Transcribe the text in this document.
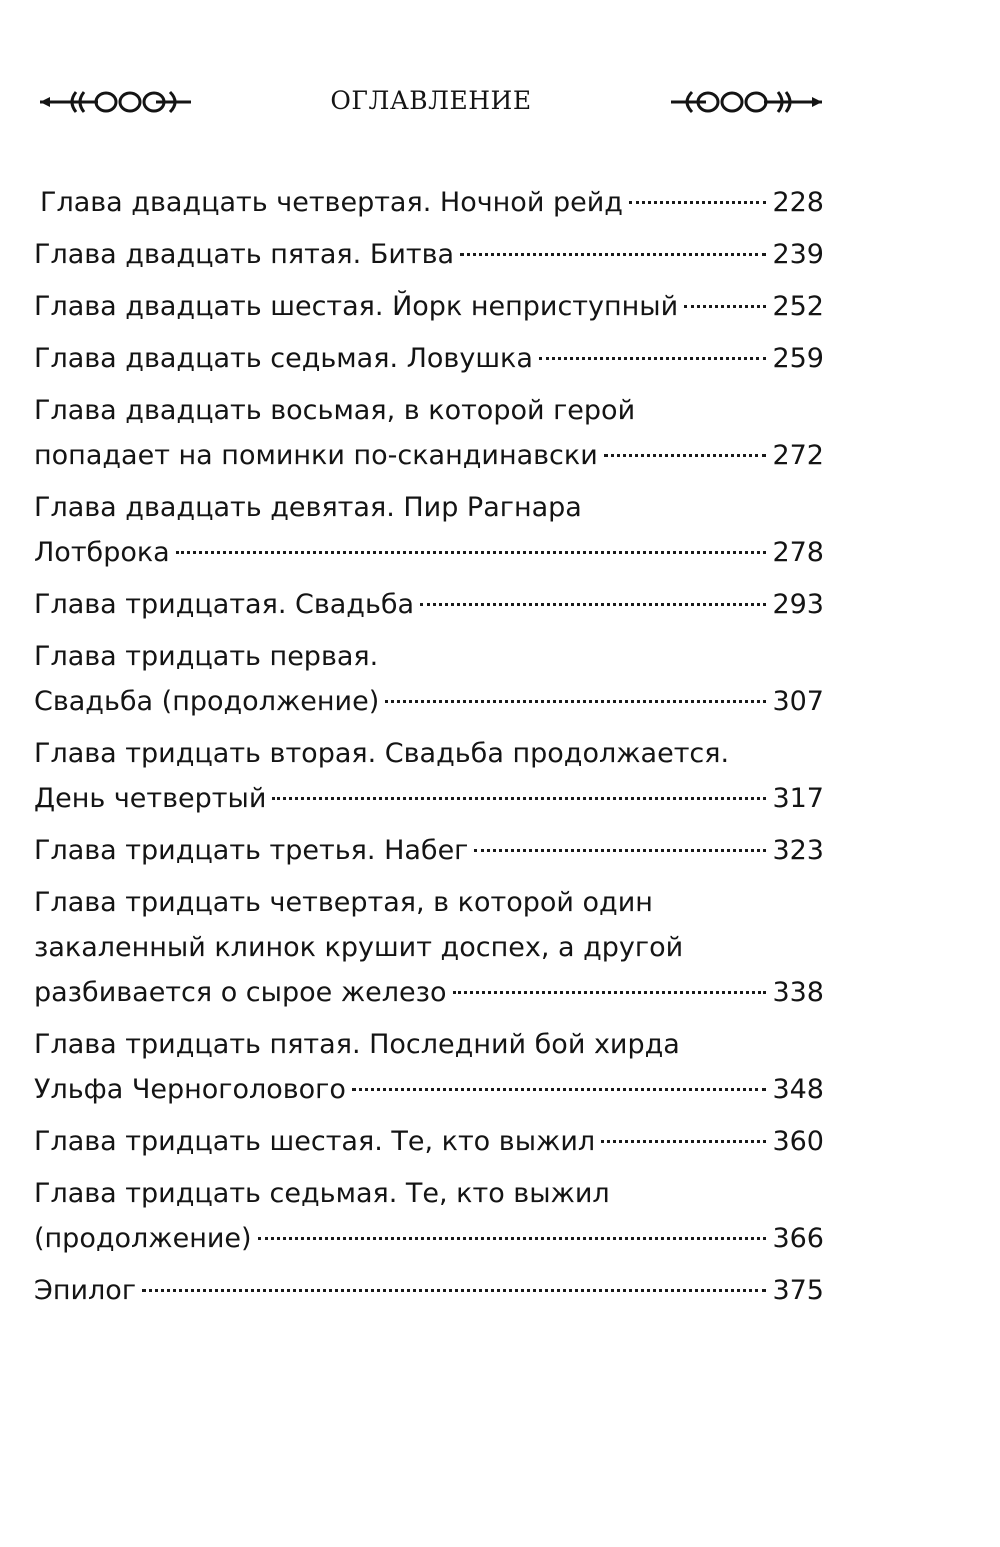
ОГЛАВЛЕНИЕ
Глава двадцать четвертая. Ночной рейд	228
Глава двадцать пятая. Битва	239
Глава двадцать шестая. Йорк неприступный	252
Глава двадцать седьмая. Ловушка	259
Глава двадцать восьмая, в которой герой
попадает на поминки по-скандинавски	272
Глава двадцать девятая. Пир Рагнара
Лотброка	278
Глава тридцатая. Свадьба	293
Глава тридцать первая.
Свадьба (продолжение)	307
Глава тридцать вторая. Свадьба продолжается.
День четвертый	317
Глава тридцать третья. Набег	323
Глава тридцать четвертая, в которой один
закаленный клинок крушит доспех, а другой
разбивается о сырое железо	338
Глава тридцать пятая. Последний бой хирда
Ульфа Черноголового	348
Глава тридцать шестая. Те, кто выжил	360
Глава тридцать седьмая. Те, кто выжил
(продолжение)	366
Эпилог	375
